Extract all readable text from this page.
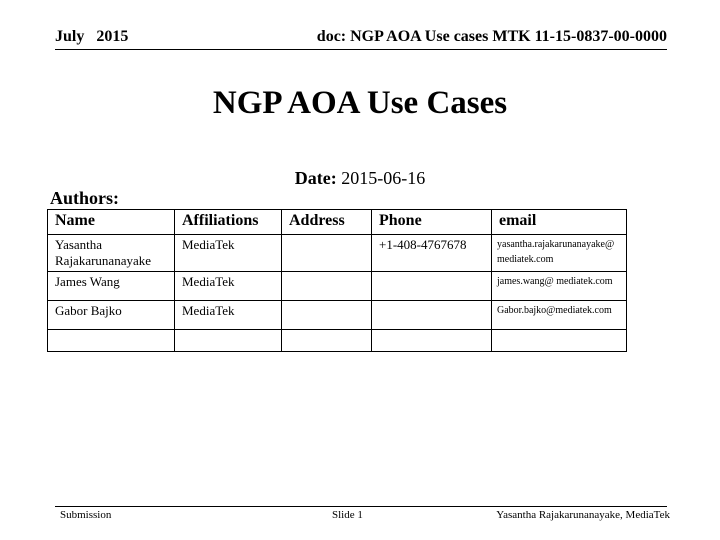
July   2015	doc: NGP AOA Use cases MTK 11-15-0837-00-0000
NGP AOA Use Cases
Date: 2015-06-16
Authors:
Name	Affiliations	Address	Phone	email
Yasantha Rajakarunanayake	MediaTek		+1-408-4767678	yasantha.rajakarunanayake@mediatek.com
James Wang	MediaTek			james.wang@ mediatek.com
Gabor Bajko	MediaTek			Gabor.bajko@mediatek.com

Submission	Slide 1	Yasantha Rajakarunanayake, MediaTek
